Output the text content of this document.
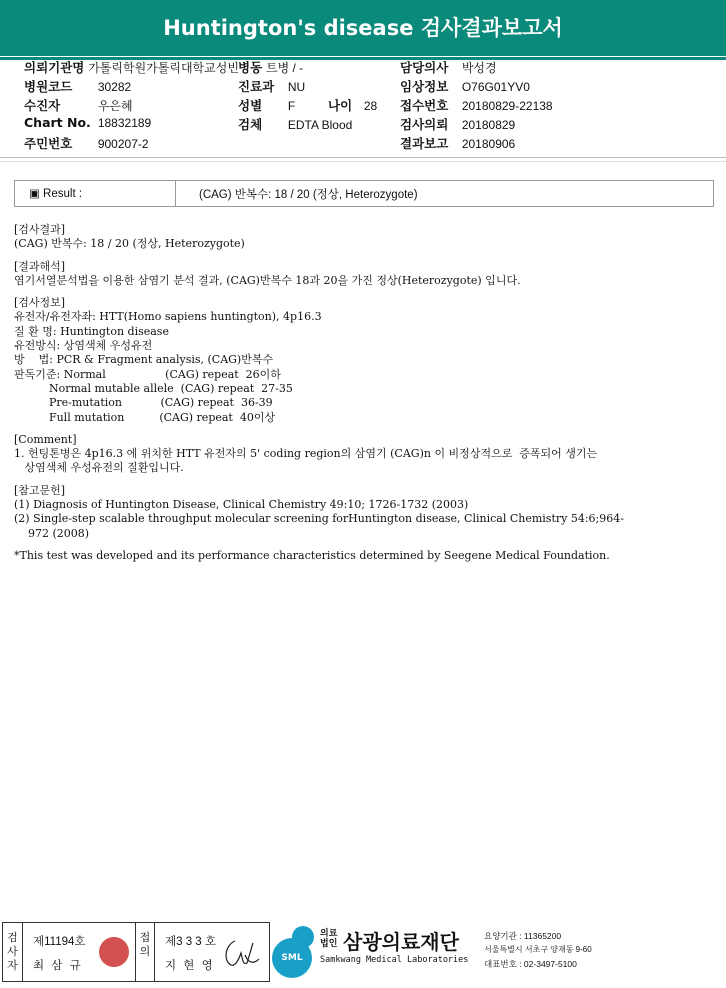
Huntington's disease 검사결과보고서
의뢰기관명 가톨릭학원가톨릭대학교성빈 병동 트병 / -	담당의사 박성경
병원코드 30282	진료과 NU	임상정보 O76G01YV0
수진자	우은혜	성별 F	나이 28 접수번호 20180829-22138
Chart No. 18832189	검체 EDTA Blood	검사의뢰 20180829
주민번호 900207-2	결과보고 20180906
▣ Result :	(CAG) 반복수: 18 / 20 (정상, Heterozygote)
[검사결과]
(CAG) 반복수: 18 / 20 (정상, Heterozygote)
[결과해석]
염기서열분석법을 이용한 삼염기 분석 결과, (CAG)반복수 18과 20을 가진 정상(Heterozygote) 입니다.
[검사정보]
유전자/유전자좌: HTT(Homo sapiens huntington), 4p16.3
질 환 명: Huntington disease
유전방식: 상염색체 우성유전
방    법: PCR & Fragment analysis, (CAG)반복수
판독기준: Normal                 (CAG) repeat  26이하
Normal mutable allele  (CAG) repeat  27-35
Pre-mutation           (CAG) repeat  36-39
Full mutation          (CAG) repeat  40이상
[Comment]
1. 헌팅톤병은 4p16.3 에 위치한 HTT 유전자의 5' coding region의 삼염기 (CAG)n 이 비정상적으로  증폭되어 생기는
상염색체 우성유전의 질환입니다.
[참고문헌]
(1) Diagnosis of Huntington Disease, Clinical Chemistry 49:10; 1726-1732 (2003)
(2) Single-step scalable throughput molecular screening forHuntington disease, Clinical Chemistry 54:6;964-
972 (2008)
*This test was developed and its performance characteristics determined by Seegene Medical Foundation.
검사자
제11194호
최 삼 규
접의
제3 3 3 호
지 현 영
SML
의료법인 삼광의료재단
Samkwang Medical Laboratories
요양기관 : 11365200
서울특별시 서초구 양재동 9-60
대표번호 : 02-3497-5100
